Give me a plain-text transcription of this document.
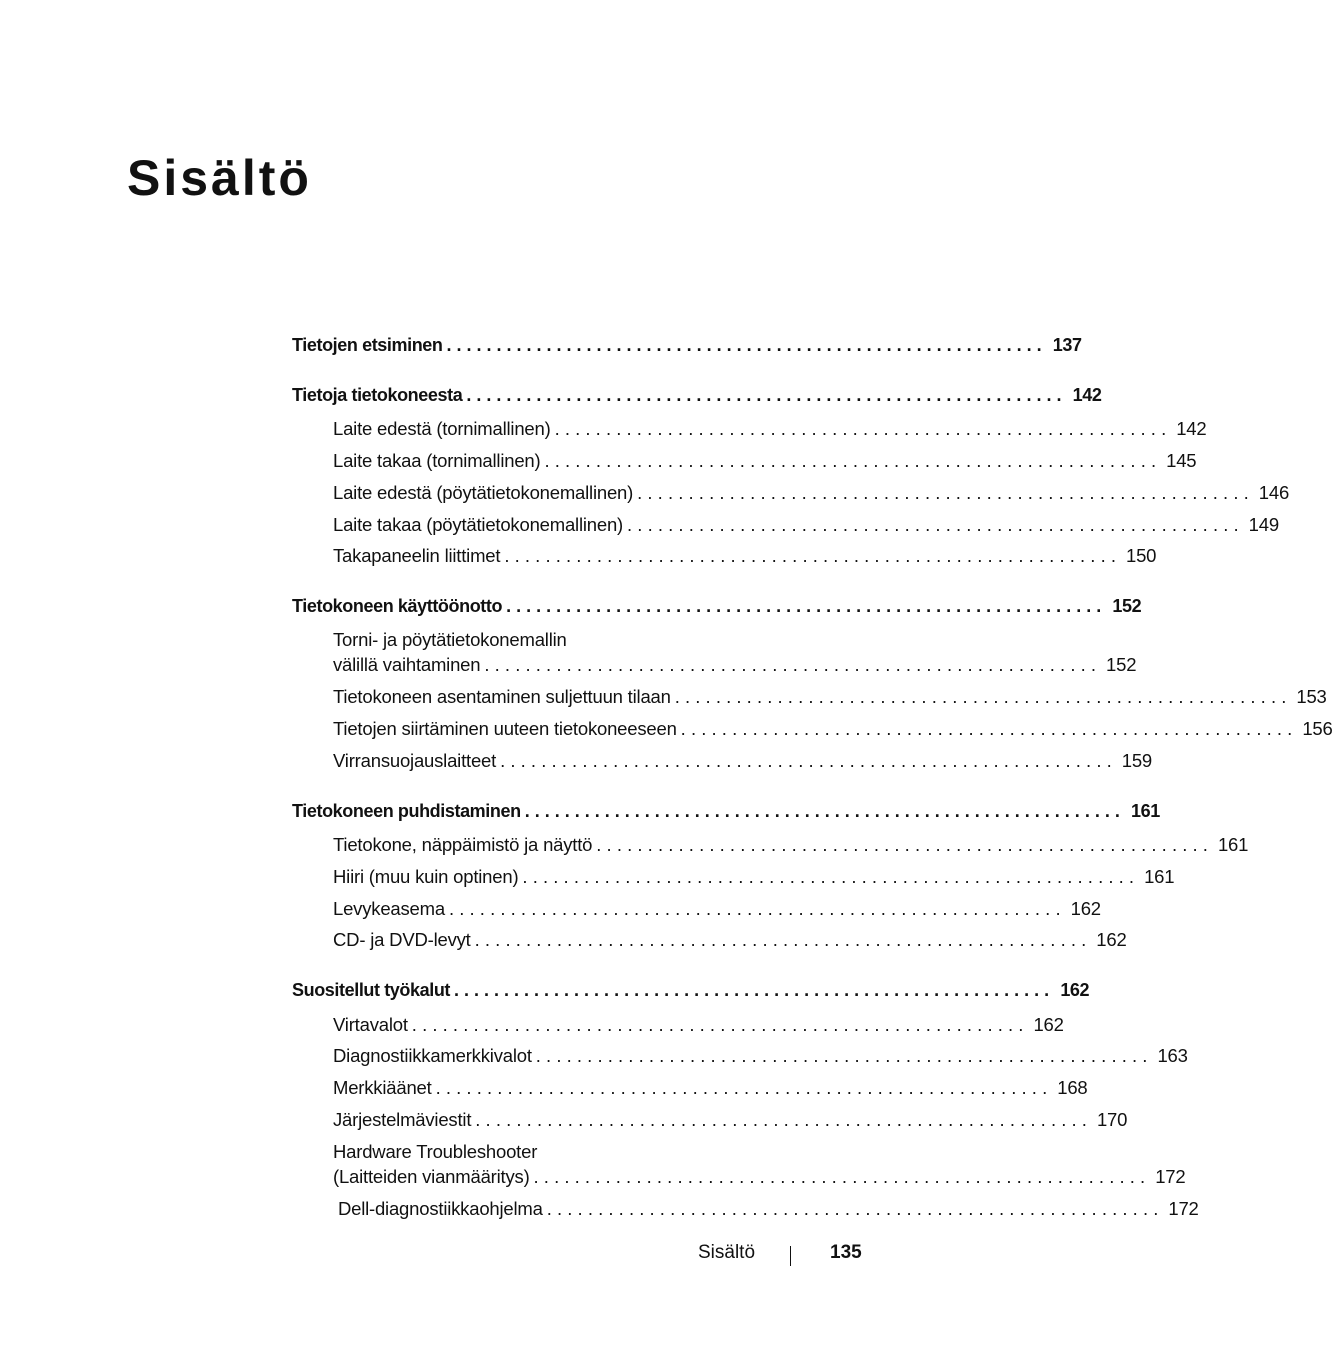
Sisältö
Tietojen etsiminen . . . . . . . . . . . . . . . . . . . . . . . . . . . . . . . . . . . . . . . . . . . . . . . . . . . . . . . . . . . . 137
Tietoja tietokoneesta . . . . . . . . . . . . . . . . . . . . . . . . . . . . . . . . . . . . . . . . . . . . . . . . . . . . . . . . . . . . 142
Laite edestä (tornimallinen) . . . . . . . . . . . . . . . . . . . . . . . . . . . . . . . . . . . . . . . . . . . . . . . . . . . . . . . . . . . . 142
Laite takaa (tornimallinen) . . . . . . . . . . . . . . . . . . . . . . . . . . . . . . . . . . . . . . . . . . . . . . . . . . . . . . . . . . . . 145
Laite edestä (pöytätietokonemallinen) . . . . . . . . . . . . . . . . . . . . . . . . . . . . . . . . . . . . . . . . . . . . . . . . . . . . . . . . . . . . 146
Laite takaa (pöytätietokonemallinen) . . . . . . . . . . . . . . . . . . . . . . . . . . . . . . . . . . . . . . . . . . . . . . . . . . . . . . . . . . . . 149
Takapaneelin liittimet . . . . . . . . . . . . . . . . . . . . . . . . . . . . . . . . . . . . . . . . . . . . . . . . . . . . . . . . . . . . 150
Tietokoneen käyttöönotto . . . . . . . . . . . . . . . . . . . . . . . . . . . . . . . . . . . . . . . . . . . . . . . . . . . . . . . . . . . . 152
Torni- ja pöytätietokonemallin
välillä vaihtaminen . . . . . . . . . . . . . . . . . . . . . . . . . . . . . . . . . . . . . . . . . . . . . . . . . . . . . . . . . . . . 152
Tietokoneen asentaminen suljettuun tilaan . . . . . . . . . . . . . . . . . . . . . . . . . . . . . . . . . . . . . . . . . . . . . . . . . . . . . . . . . . . . 153
Tietojen siirtäminen uuteen tietokoneeseen . . . . . . . . . . . . . . . . . . . . . . . . . . . . . . . . . . . . . . . . . . . . . . . . . . . . . . . . . . . . 156
Virransuojauslaitteet . . . . . . . . . . . . . . . . . . . . . . . . . . . . . . . . . . . . . . . . . . . . . . . . . . . . . . . . . . . . 159
Tietokoneen puhdistaminen . . . . . . . . . . . . . . . . . . . . . . . . . . . . . . . . . . . . . . . . . . . . . . . . . . . . . . . . . . . . 161
Tietokone, näppäimistö ja näyttö . . . . . . . . . . . . . . . . . . . . . . . . . . . . . . . . . . . . . . . . . . . . . . . . . . . . . . . . . . . . 161
Hiiri (muu kuin optinen) . . . . . . . . . . . . . . . . . . . . . . . . . . . . . . . . . . . . . . . . . . . . . . . . . . . . . . . . . . . . 161
Levykeasema . . . . . . . . . . . . . . . . . . . . . . . . . . . . . . . . . . . . . . . . . . . . . . . . . . . . . . . . . . . . 162
CD- ja DVD-levyt . . . . . . . . . . . . . . . . . . . . . . . . . . . . . . . . . . . . . . . . . . . . . . . . . . . . . . . . . . . . 162
Suositellut työkalut . . . . . . . . . . . . . . . . . . . . . . . . . . . . . . . . . . . . . . . . . . . . . . . . . . . . . . . . . . . . 162
Virtavalot . . . . . . . . . . . . . . . . . . . . . . . . . . . . . . . . . . . . . . . . . . . . . . . . . . . . . . . . . . . . 162
Diagnostiikkamerkkivalot . . . . . . . . . . . . . . . . . . . . . . . . . . . . . . . . . . . . . . . . . . . . . . . . . . . . . . . . . . . . 163
Merkkiäänet . . . . . . . . . . . . . . . . . . . . . . . . . . . . . . . . . . . . . . . . . . . . . . . . . . . . . . . . . . . . 168
Järjestelmäviestit . . . . . . . . . . . . . . . . . . . . . . . . . . . . . . . . . . . . . . . . . . . . . . . . . . . . . . . . . . . . 170
Hardware Troubleshooter
(Laitteiden vianmääritys) . . . . . . . . . . . . . . . . . . . . . . . . . . . . . . . . . . . . . . . . . . . . . . . . . . . . . . . . . . . . 172
Dell-diagnostiikkaohjelma . . . . . . . . . . . . . . . . . . . . . . . . . . . . . . . . . . . . . . . . . . . . . . . . . . . . . . . . . . . . 172
Sisältö	135
